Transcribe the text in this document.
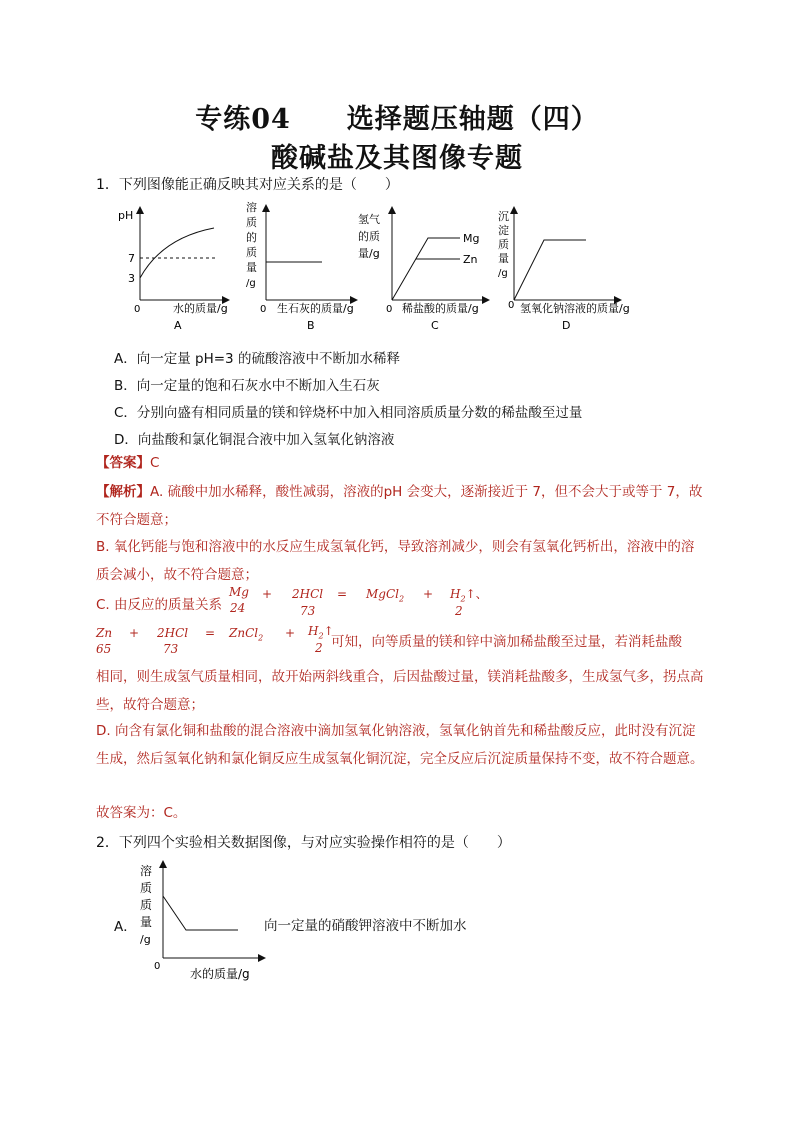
专练04　　选择题压轴题（四）
酸碱盐及其图像专题
1．下列图像能正确反映其对应关系的是（　　）
pH
7
3
0	水的质量/g
A
溶
质
的
质
量
/g
0 生石灰的质量/g
B
氢气
的质
量/g
Mg
Zn
0 稀盐酸的质量/g
C
沉
淀
质
量
/g
0 氢氧化钠溶液的质量/g
D
A．向一定量 pH=3 的硫酸溶液中不断加水稀释
B．向一定量的饱和石灰水中不断加入生石灰
C．分别向盛有相同质量的镁和锌烧杯中加入相同溶质质量分数的稀盐酸至过量
D．向盐酸和氯化铜混合液中加入氢氧化钠溶液
【答案】C
【解析】A. 硫酸中加水稀释，酸性减弱，溶液的pH 会变大，逐渐接近于 7，但不会大于或等于 7，故不符合题意；
B. 氧化钙能与饱和溶液中的水反应生成氢氧化钙，导致溶剂减少，则会有氢氧化钙析出，溶液中的溶质会减小，故不符合题意；
C. 由反应的质量关系
Mg + 2HCl = MgCl$_2$ + $H_2↑$、
24	73	2
Zn + 2HCl = ZnCl$_2$ + $H_2↑$
65	73	2 可知，向等质量的镁和锌中滴加稀盐酸至过量，若消耗盐酸
相同，则生成氢气质量相同，故开始两斜线重合，后因盐酸过量，镁消耗盐酸多，生成氢气多，拐点高些，故符合题意；
D. 向含有氯化铜和盐酸的混合溶液中滴加氢氧化钠溶液，氢氧化钠首先和稀盐酸反应，此时没有沉淀生成，然后氢氧化钠和氯化铜反应生成氢氧化铜沉淀，完全反应后沉淀质量保持不变，故不符合题意。
故答案为：C。
2．下列四个实验相关数据图像，与对应实验操作相符的是（　　）
A．
溶
质
质
量
/g
0
水的质量/g
向一定量的硝酸钾溶液中不断加水
